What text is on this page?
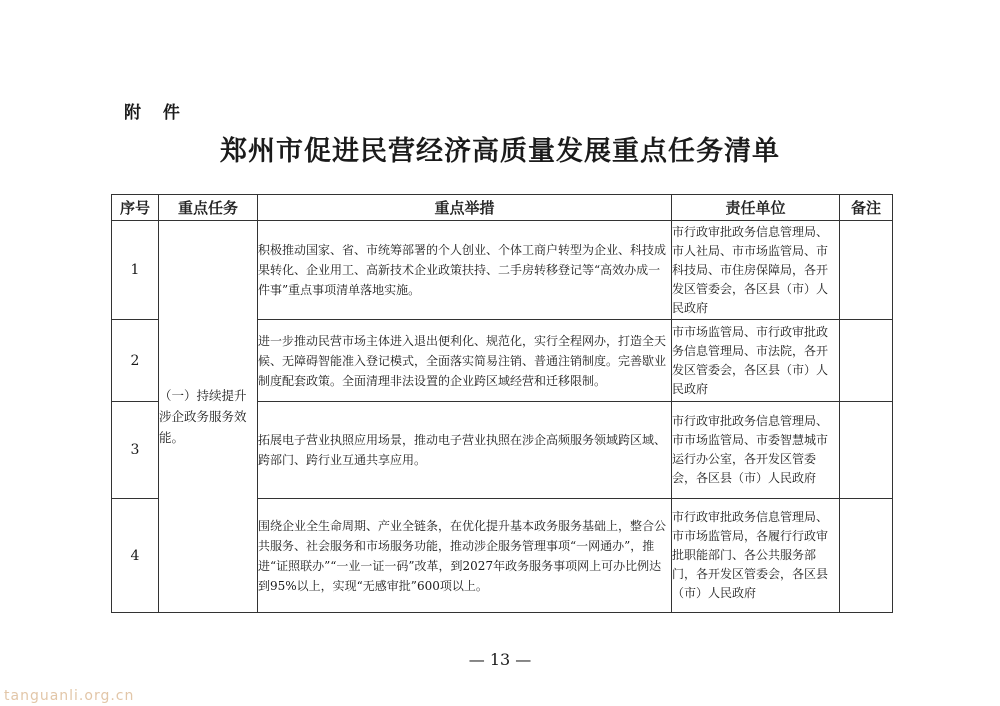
附 件
郑州市促进民营经济高质量发展重点任务清单
序号	重点任务	重点举措	责任单位	备注
1	（一）持续提升涉企政务服务效能。	积极推动国家、省、市统筹部署的个人创业、个体工商户转型为企业、科技成果转化、企业用工、高新技术企业政策扶持、二手房转移登记等“高效办成一件事”重点事项清单落地实施。	市行政审批政务信息管理局、市人社局、市市场监管局、市科技局、市住房保障局，各开发区管委会，各区县（市）人民政府	
2		进一步推动民营市场主体进入退出便利化、规范化，实行全程网办，打造全天候、无障碍智能准入登记模式，全面落实简易注销、普通注销制度。完善歇业制度配套政策。全面清理非法设置的企业跨区域经营和迁移限制。	市市场监管局、市行政审批政务信息管理局、市法院，各开发区管委会，各区县（市）人民政府	
3		拓展电子营业执照应用场景，推动电子营业执照在涉企高频服务领域跨区域、跨部门、跨行业互通共享应用。	市行政审批政务信息管理局、市市场监管局、市委智慧城市运行办公室，各开发区管委会，各区县（市）人民政府	
4		围绕企业全生命周期、产业全链条，在优化提升基本政务服务基础上，整合公共服务、社会服务和市场服务功能，推动涉企服务管理事项“一网通办”，推进“证照联办”“一业一证一码”改革，到2027年政务服务事项网上可办比例达到95%以上，实现“无感审批”600项以上。	市行政审批政务信息管理局、市市场监管局，各履行行政审批职能部门、各公共服务部门，各开发区管委会，各区县（市）人民政府	
— 13 —
tanguanli.org.cn
